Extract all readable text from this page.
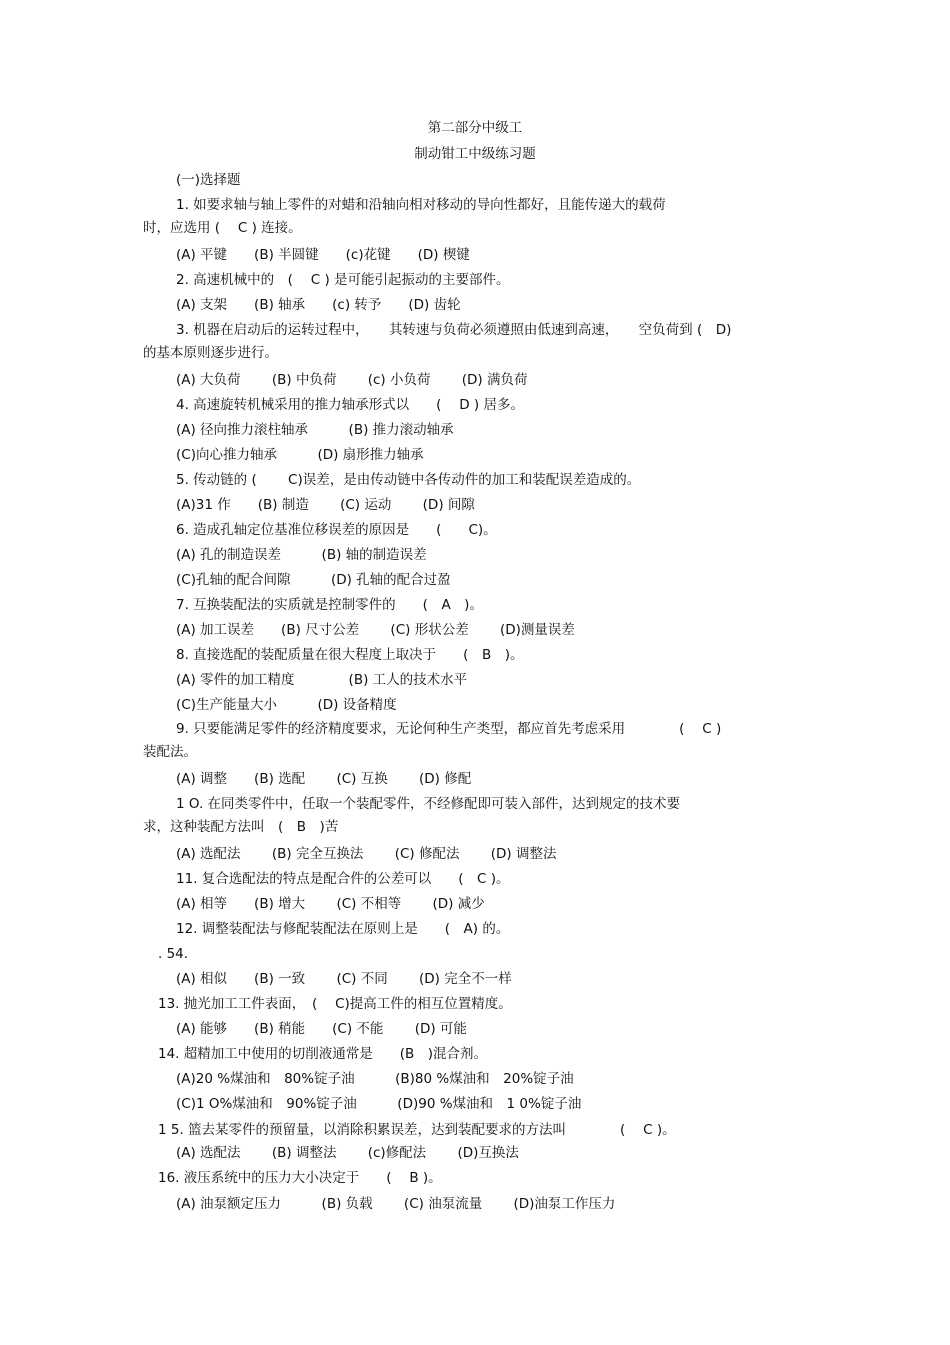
第二部分中级工
制动钳工中级练习题
(一)选择题
1. 如要求轴与轴上零件的对蜡和沿轴向相对移动的导向性都好，且能传递大的载荷
时，应选用 (　 C ) 连接。
(A) 平键　　(B) 半圆键　　(c)花键　　(D) 楔键
2. 高速机械中的　(　 C ) 是可能引起振动的主要部件。
(A) 支架　　(B) 轴承　　(c) 转予　　(D) 齿轮
3. 机器在启动后的运转过程中，　　其转速与负荷必须遵照由低速到高速，　　空负荷到 (　D)
的基本原则逐步进行。
(A) 大负荷　　 (B) 中负荷　　 (c) 小负荷　　 (D) 满负荷
4. 高速旋转机械采用的推力轴承形式以　　(　 D ) 居多。
(A) 径向推力滚柱轴承　　　(B) 推力滚动轴承
(C)向心推力轴承　　　(D) 扇形推力轴承
5. 传动链的 (　　 C)误差，是由传动链中各传动件的加工和装配误差造成的。
(A)31 作　　(B) 制造　　 (C) 运动　　 (D) 间隙
6. 造成孔轴定位基准位移误差的原因是　　(　　C)。
(A) 孔的制造误差　　　(B) 轴的制造误差
(C)孔轴的配合间隙　　　(D) 孔轴的配合过盈
7. 互换装配法的实质就是控制零件的　　(　A　)。
(A) 加工误差　　(B) 尺寸公差　　 (C) 形状公差　　 (D)测量误差
8. 直接选配的装配质量在很大程度上取决于　　(　B　)。
(A) 零件的加工精度　　　　(B) 工人的技术水平
(C)生产能量大小　　　(D) 设备精度
9. 只要能满足零件的经济精度要求，无论何种生产类型，都应首先考虑采用　　　　(　 C )
装配法。
(A) 调整　　(B) 选配　　 (C) 互换　　 (D) 修配
1 O. 在同类零件中，任取一个装配零件，不经修配即可装入部件，达到规定的技术要
求，这种装配方法叫　(　B　)苦
(A) 选配法　　 (B) 完全互换法　　 (C) 修配法　　 (D) 调整法
11. 复合选配法的特点是配合件的公差可以　　(　C )。
(A) 相等　　(B) 增大　　 (C) 不相等　　 (D) 减少
12. 调整装配法与修配装配法在原则上是　　(　A) 的。
. 54.
(A) 相似　　(B) 一致　　 (C) 不同　　 (D) 完全不一样
13. 抛光加工工件表面，　(　 C)提高工件的相互位置精度。
(A) 能够　　(B) 稍能　　(C) 不能　　 (D) 可能
14. 超精加工中使用的切削液通常是　　(B　)混合剂。
(A)20 %煤油和　80%锭子油　　　(B)80 %煤油和　20%锭子油
(C)1 O%煤油和　90%锭子油　　　(D)90 %煤油和　1 0%锭子油
1 5. 篮去某零件的预留量，以消除积累误差，达到装配要求的方法叫　　　　(　 C )。
(A) 选配法　　 (B) 调整法　　 (c)修配法　　 (D)互换法
16. 液压系统中的压力大小决定于　　(　 B )。
(A) 油泵额定压力　　　(B) 负载　　 (C) 油泵流量　　 (D)油泵工作压力
